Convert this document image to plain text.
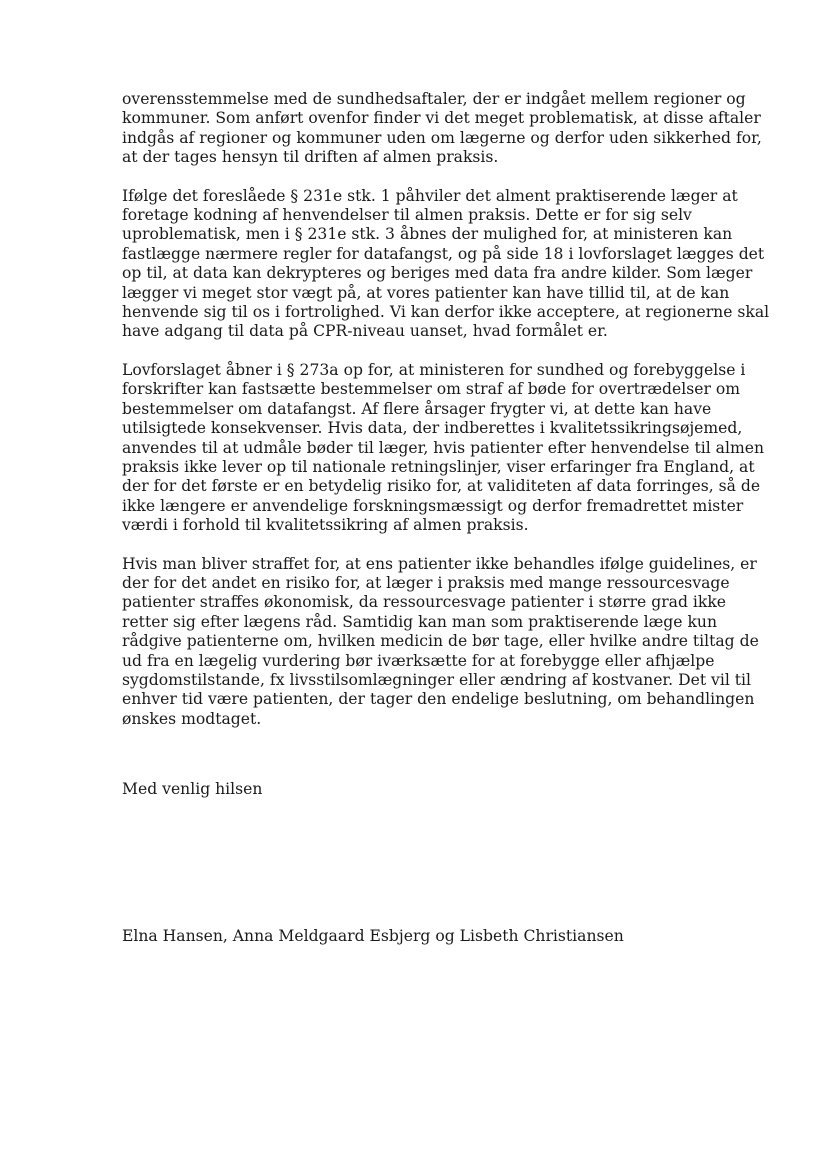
overensstemmelse med de sundhedsaftaler, der er indgået mellem regioner og
kommuner. Som anført ovenfor finder vi det meget problematisk, at disse aftaler
indgås af regioner og kommuner uden om lægerne og derfor uden sikkerhed for,
at der tages hensyn til driften af almen praksis.

Ifølge det foreslåede § 231e stk. 1 påhviler det alment praktiserende læger at
foretage kodning af henvendelser til almen praksis. Dette er for sig selv
uproblematisk, men i § 231e stk. 3 åbnes der mulighed for, at ministeren kan
fastlægge nærmere regler for datafangst, og på side 18 i lovforslaget lægges det
op til, at data kan dekrypteres og beriges med data fra andre kilder. Som læger
lægger vi meget stor vægt på, at vores patienter kan have tillid til, at de kan
henvende sig til os i fortrolighed. Vi kan derfor ikke acceptere, at regionerne skal
have adgang til data på CPR-niveau uanset, hvad formålet er.

Lovforslaget åbner i § 273a op for, at ministeren for sundhed og forebyggelse i
forskrifter kan fastsætte bestemmelser om straf af bøde for overtrædelser om
bestemmelser om datafangst. Af flere årsager frygter vi, at dette kan have
utilsigtede konsekvenser. Hvis data, der indberettes i kvalitetssikringsøjemed,
anvendes til at udmåle bøder til læger, hvis patienter efter henvendelse til almen
praksis ikke lever op til nationale retningslinjer, viser erfaringer fra England, at
der for det første er en betydelig risiko for, at validiteten af data forringes, så de
ikke længere er anvendelige forskningsmæssigt og derfor fremadrettet mister
værdi i forhold til kvalitetssikring af almen praksis.

Hvis man bliver straffet for, at ens patienter ikke behandles ifølge guidelines, er
der for det andet en risiko for, at læger i praksis med mange ressourcesvage
patienter straffes økonomisk, da ressourcesvage patienter i større grad ikke
retter sig efter lægens råd. Samtidig kan man som praktiserende læge kun
rådgive patienterne om, hvilken medicin de bør tage, eller hvilke andre tiltag de
ud fra en lægelig vurdering bør iværksætte for at forebygge eller afhjælpe
sygdomstilstande, fx livsstilsomlægninger eller ændring af kostvaner. Det vil til
enhver tid være patienten, der tager den endelige beslutning, om behandlingen
ønskes modtaget.

Med venlig hilsen

Elna Hansen, Anna Meldgaard Esbjerg og Lisbeth Christiansen
